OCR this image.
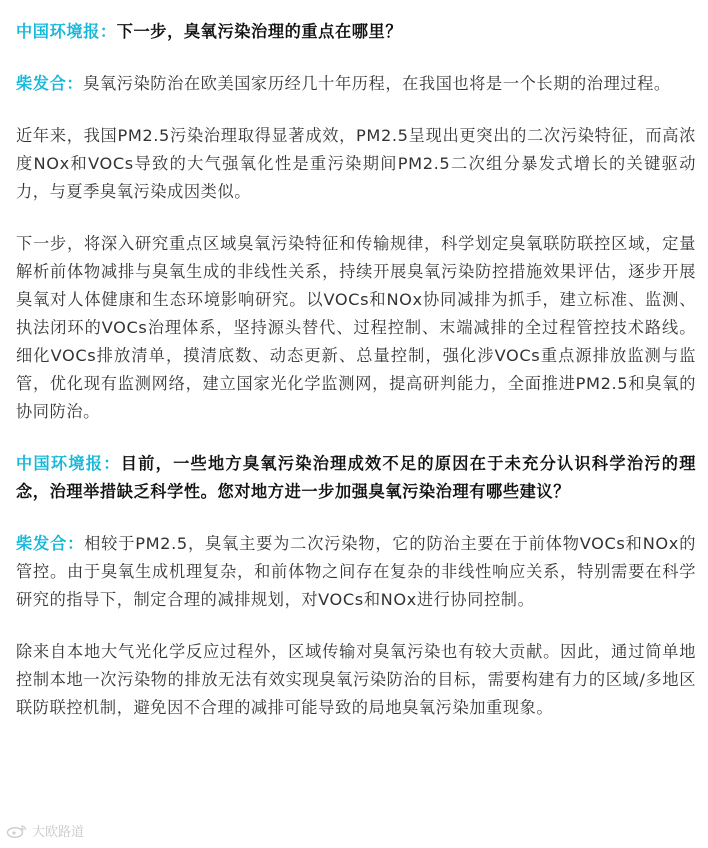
中国环境报：下一步，臭氧污染治理的重点在哪里？

柴发合：臭氧污染防治在欧美国家历经几十年历程，在我国也将是一个长期的治理过程。

近年来，我国PM2.5污染治理取得显著成效，PM2.5呈现出更突出的二次污染特征，而高浓度NOx和VOCs导致的大气强氧化性是重污染期间PM2.5二次组分暴发式增长的关键驱动力，与夏季臭氧污染成因类似。

下一步，将深入研究重点区域臭氧污染特征和传输规律，科学划定臭氧联防联控区域，定量解析前体物减排与臭氧生成的非线性关系，持续开展臭氧污染防控措施效果评估，逐步开展臭氧对人体健康和生态环境影响研究。以VOCs和NOx协同减排为抓手，建立标准、监测、执法闭环的VOCs治理体系，坚持源头替代、过程控制、末端减排的全过程管控技术路线。细化VOCs排放清单，摸清底数、动态更新、总量控制，强化涉VOCs重点源排放监测与监管，优化现有监测网络，建立国家光化学监测网，提高研判能力，全面推进PM2.5和臭氧的协同防治。

中国环境报：目前，一些地方臭氧污染治理成效不足的原因在于未充分认识科学治污的理念，治理举措缺乏科学性。您对地方进一步加强臭氧污染治理有哪些建议？

柴发合：相较于PM2.5，臭氧主要为二次污染物，它的防治主要在于前体物VOCs和NOx的管控。由于臭氧生成机理复杂，和前体物之间存在复杂的非线性响应关系，特别需要在科学研究的指导下，制定合理的减排规划，对VOCs和NOx进行协同控制。

除来自本地大气光化学反应过程外，区域传输对臭氧污染也有较大贡献。因此，通过简单地控制本地一次污染物的排放无法有效实现臭氧污染防治的目标，需要构建有力的区域/多地区联防联控机制，避免因不合理的减排可能导致的局地臭氧污染加重现象。

大欧路道
